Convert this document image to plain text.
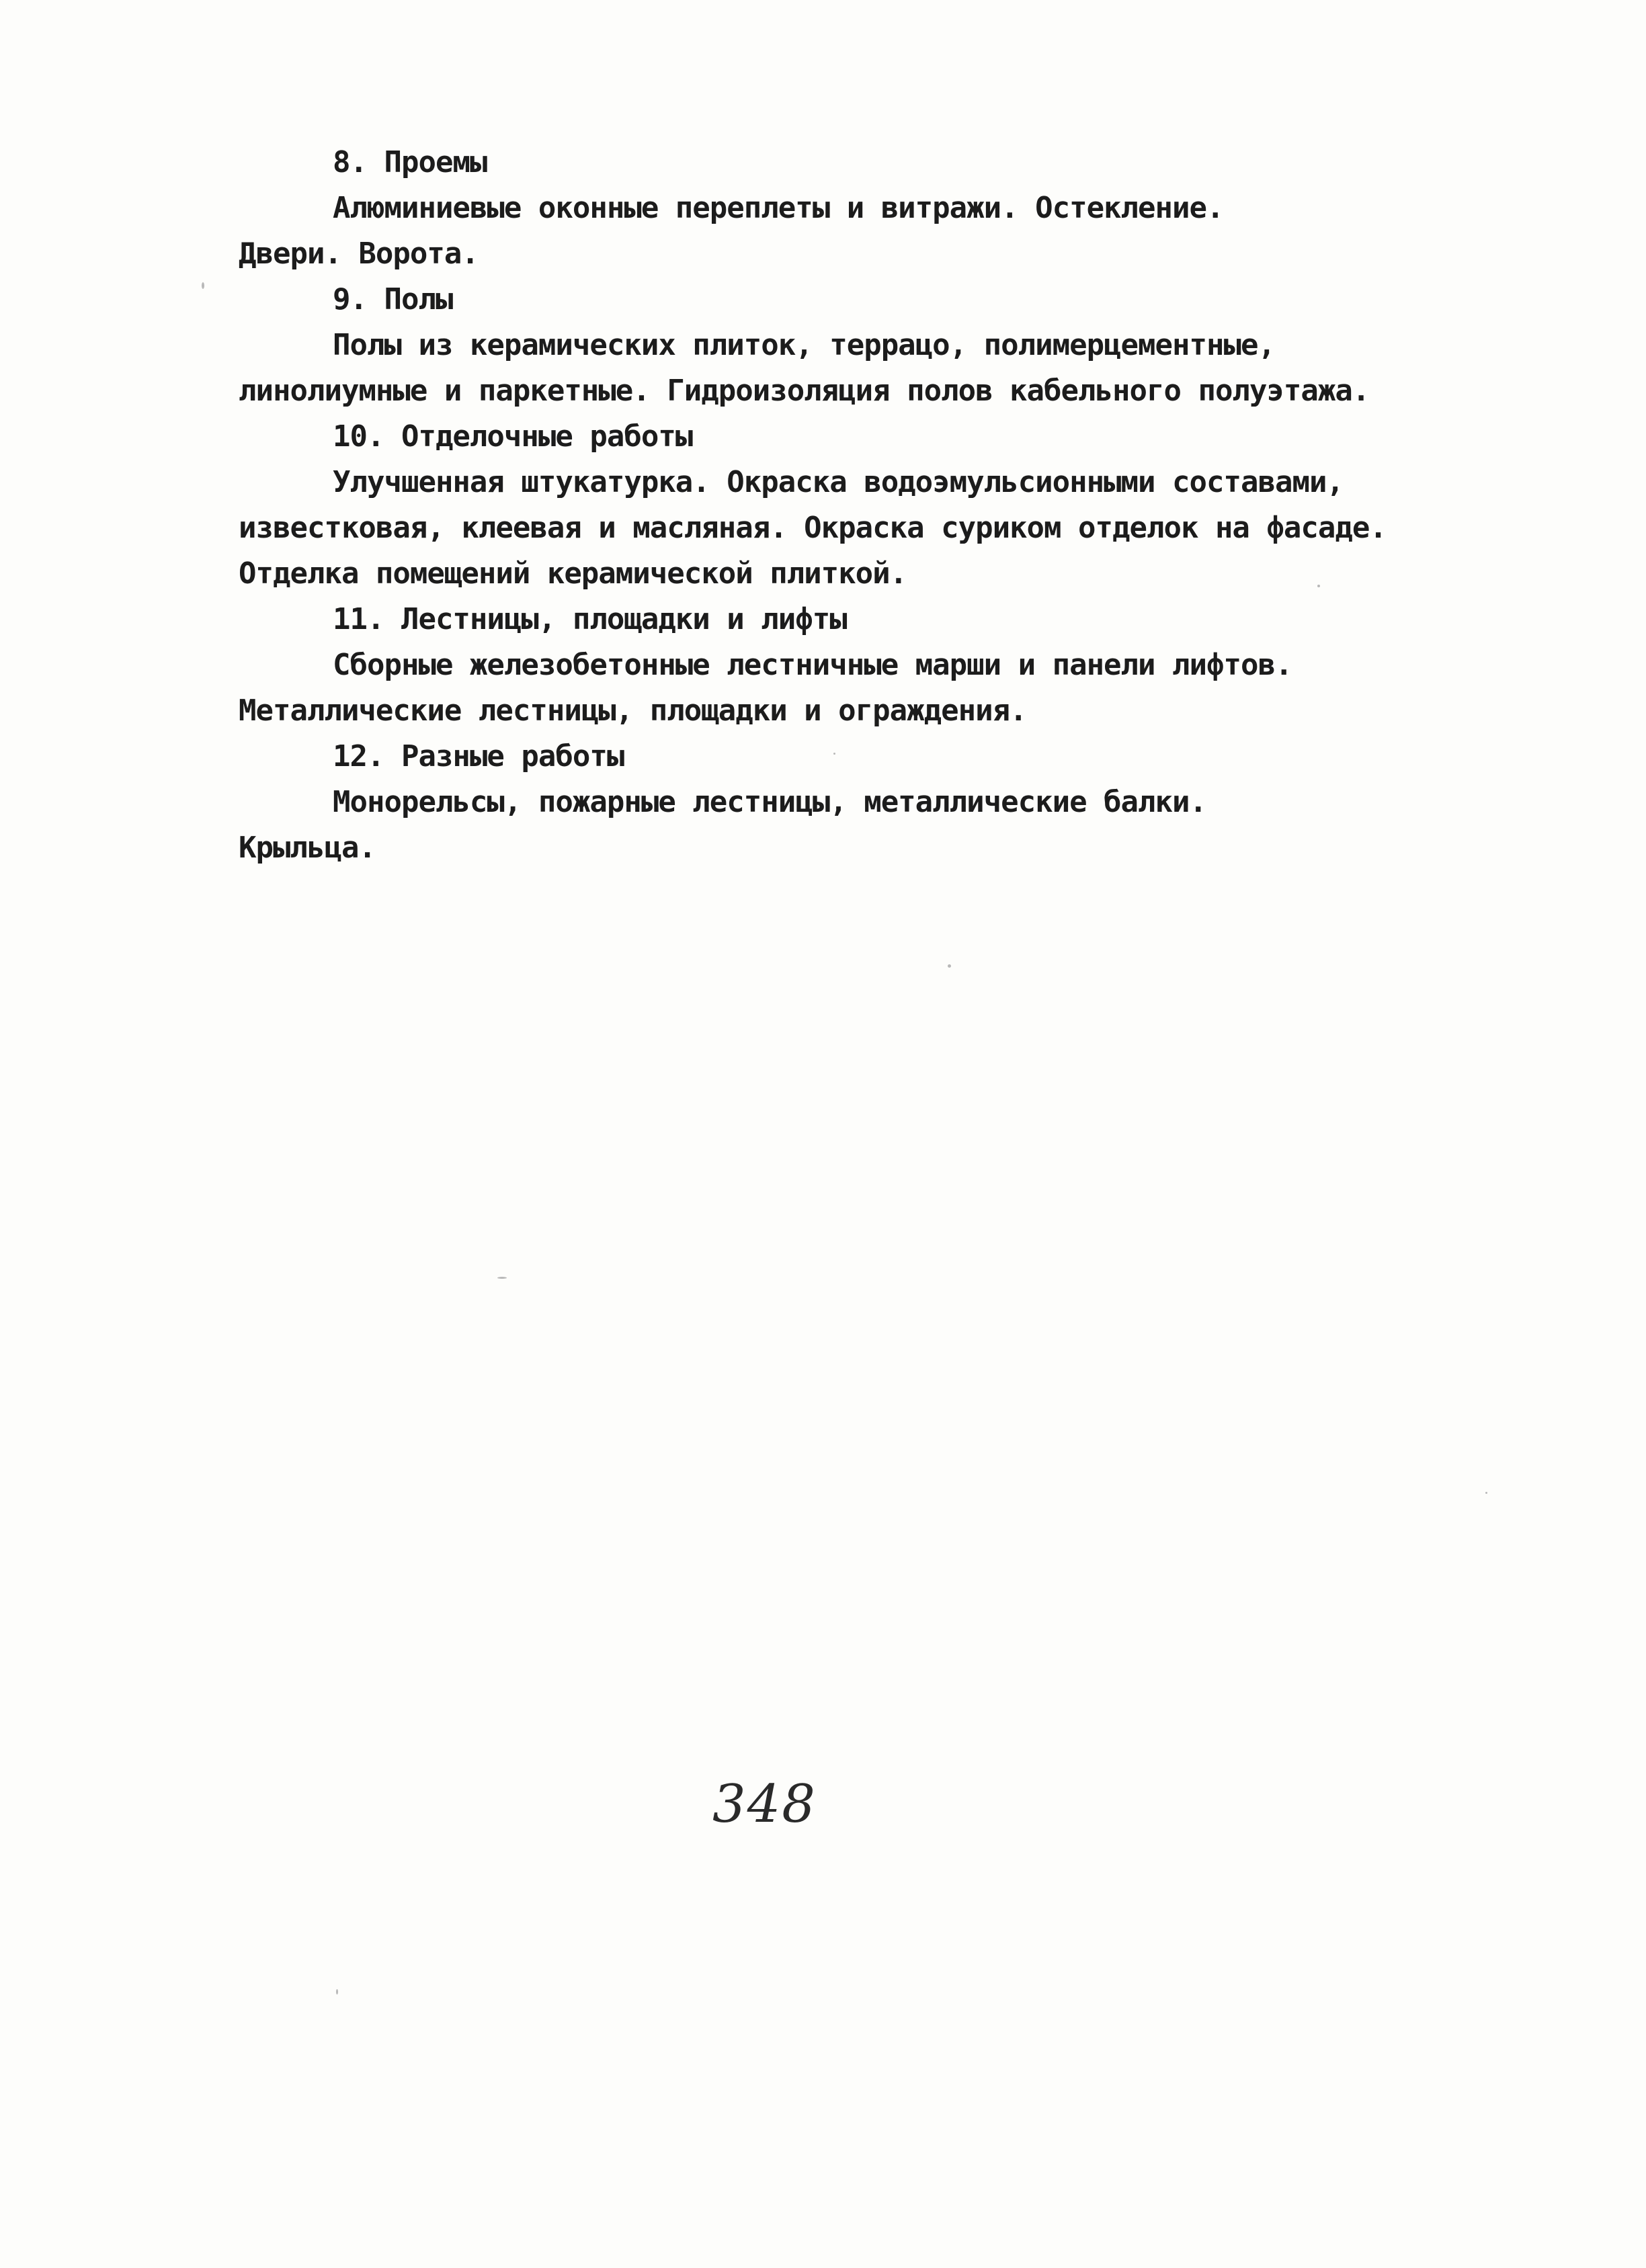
8. Проемы
Алюминиевые оконные переплеты и витражи. Остекление.
Двери. Ворота.
9. Полы
Полы из керамических плиток, террацо, полимерцементные,
линолиумные и паркетные. Гидроизоляция полов кабельного полуэтажа.
10. Отделочные работы
Улучшенная штукатурка. Окраска водоэмульсионными составами,
известковая, клеевая и масляная. Окраска суриком отделок на фасаде.
Отделка помещений керамической плиткой.
11. Лестницы, площадки и лифты
Сборные железобетонные лестничные марши и панели лифтов.
Металлические лестницы, площадки и ограждения.
12. Разные работы
Монорельсы, пожарные лестницы, металлические балки.
Крыльца.
348
